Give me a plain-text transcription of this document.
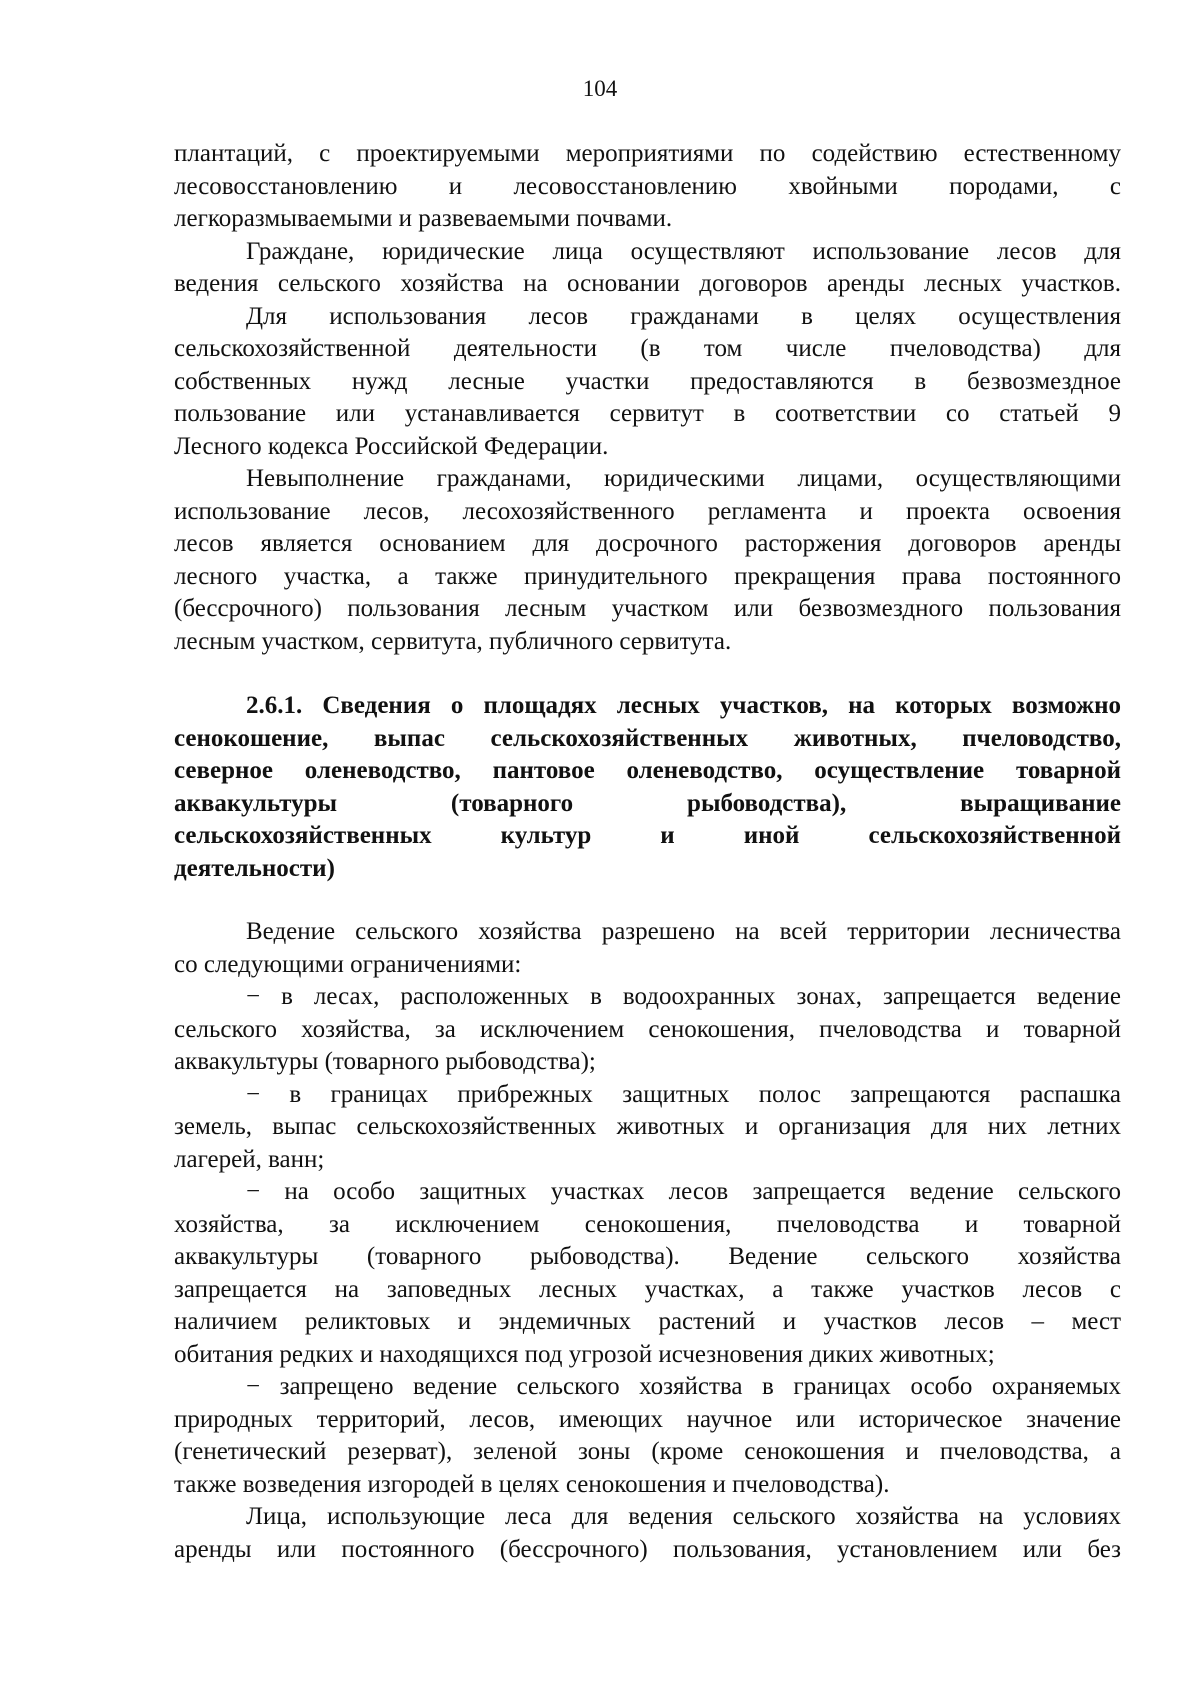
104
плантаций, с проектируемыми мероприятиями по содействию естественному
лесовосстановлению и лесовосстановлению хвойными породами, с
легкоразмываемыми и развеваемыми почвами.
Граждане, юридические лица осуществляют использование лесов для
ведения сельского хозяйства на основании договоров аренды лесных участков.
Для использования лесов гражданами в целях осуществления
сельскохозяйственной деятельности (в том числе пчеловодства) для
собственных нужд лесные участки предоставляются в безвозмездное
пользование или устанавливается сервитут в соответствии со статьей 9
Лесного кодекса Российской Федерации.
Невыполнение гражданами, юридическими лицами, осуществляющими
использование лесов, лесохозяйственного регламента и проекта освоения
лесов является основанием для досрочного расторжения договоров аренды
лесного участка, а также принудительного прекращения права постоянного
(бессрочного) пользования лесным участком или безвозмездного пользования
лесным участком, сервитута, публичного сервитута.
2.6.1. Сведения о площадях лесных участков, на которых возможно
сенокошение, выпас сельскохозяйственных животных, пчеловодство,
северное оленеводство, пантовое оленеводство, осуществление товарной
аквакультуры (товарного рыбоводства), выращивание
сельскохозяйственных культур и иной сельскохозяйственной
деятельности)
Ведение сельского хозяйства разрешено на всей территории лесничества
со следующими ограничениями:
− в лесах, расположенных в водоохранных зонах, запрещается ведение
сельского хозяйства, за исключением сенокошения, пчеловодства и товарной
аквакультуры (товарного рыбоводства);
− в границах прибрежных защитных полос запрещаются распашка
земель, выпас сельскохозяйственных животных и организация для них летних
лагерей, ванн;
− на особо защитных участках лесов запрещается ведение сельского
хозяйства, за исключением сенокошения, пчеловодства и товарной
аквакультуры (товарного рыбоводства). Ведение сельского хозяйства
запрещается на заповедных лесных участках, а также участков лесов с
наличием реликтовых и эндемичных растений и участков лесов – мест
обитания редких и находящихся под угрозой исчезновения диких животных;
− запрещено ведение сельского хозяйства в границах особо охраняемых
природных территорий, лесов, имеющих научное или историческое значение
(генетический резерват), зеленой зоны (кроме сенокошения и пчеловодства, а
также возведения изгородей в целях сенокошения и пчеловодства).
Лица, использующие леса для ведения сельского хозяйства на условиях
аренды или постоянного (бессрочного) пользования, установлением или без
